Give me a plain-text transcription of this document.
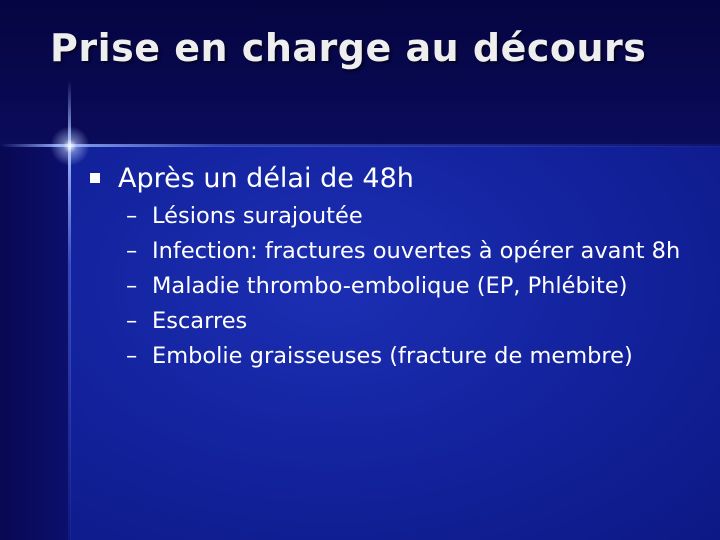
Prise en charge au décours
Après un délai de 48h
– Lésions surajoutée
– Infection: fractures ouvertes à opérer avant 8h
– Maladie thrombo-embolique (EP, Phlébite)
– Escarres
– Embolie graisseuses (fracture de membre)
